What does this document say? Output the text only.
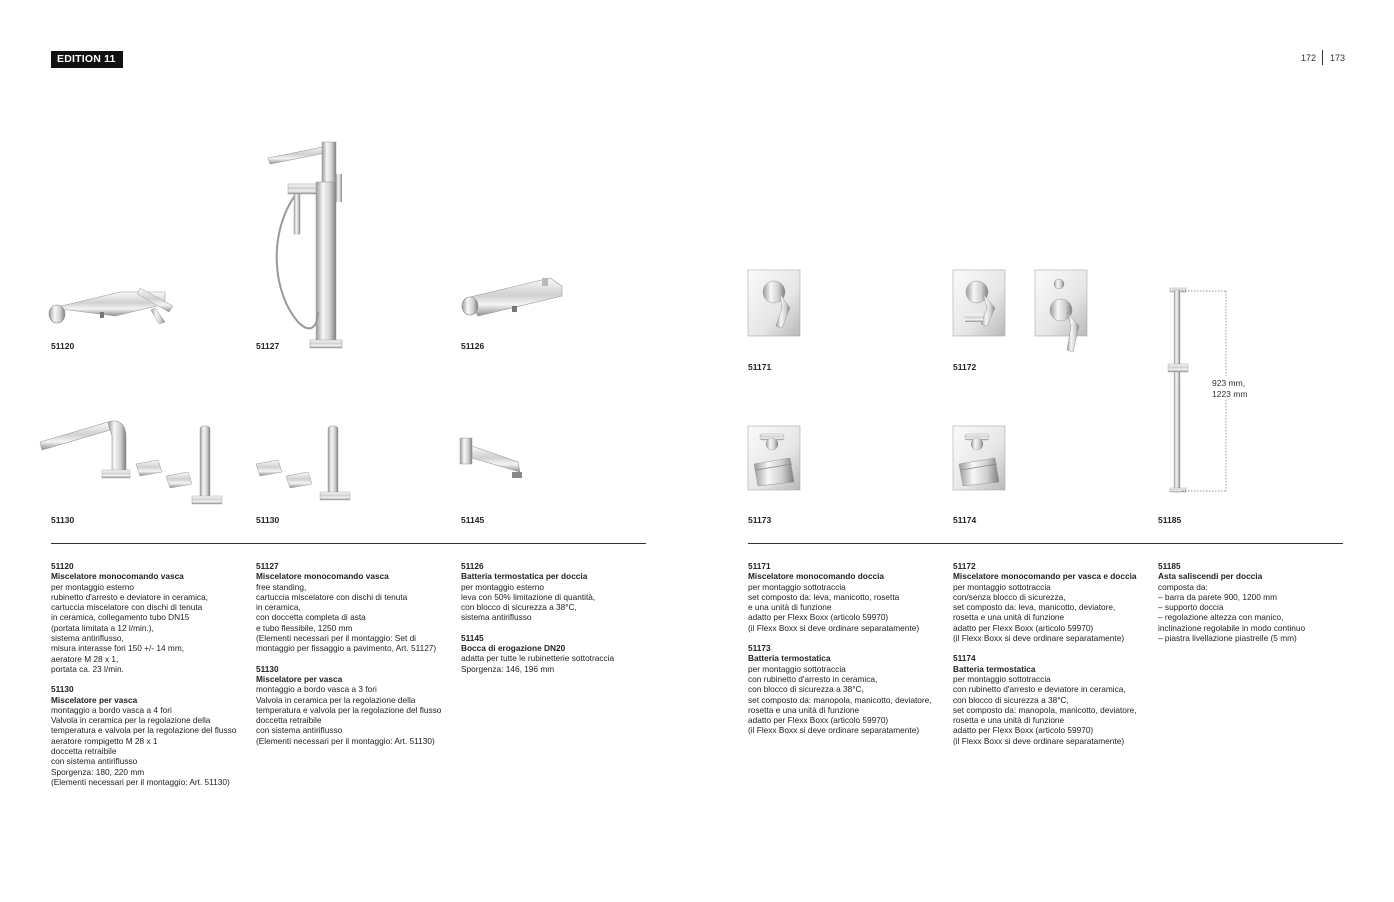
EDITION 11	172 173
51120	51127	51126
51130	51130	51145
51171	51172
51173	51174
923 mm,
1223 mm
51185
51120
Miscelatore monocomando vasca
per montaggio esterno
rubinetto d'arresto e deviatore in ceramica,
cartuccia miscelatore con dischi di tenuta
in ceramica, collegamento tubo DN15
(portata limitata a 12 l/min.),
sistema antiriflusso,
misura interasse fori 150 +/- 14 mm,
aeratore M 28 x 1,
portata ca. 23 l/min.
51130
Miscelatore per vasca
montaggio a bordo vasca a 4 fori
Valvola in ceramica per la regolazione della
temperatura e valvola per la regolazione del flusso
aeratore rompigetto M 28 x 1
doccetta retraibile
con sistema antiriflusso
Sporgenza: 180, 220 mm
(Elementi necessari per il montaggio: Art. 51130)
51127
Miscelatore monocomando vasca
free standing,
cartuccia miscelatore con dischi di tenuta
in ceramica,
con doccetta completa di asta
e tubo flessibile, 1250 mm
(Elementi necessari per il montaggio: Set di
montaggio per fissaggio a pavimento, Art. 51127)
51130
Miscelatore per vasca
montaggio a bordo vasca a 3 fori
Valvola in ceramica per la regolazione della
temperatura e valvola per la regolazione del flusso
doccetta retraibile
con sistema antiriflusso
(Elementi necessari per il montaggio: Art. 51130)
51126
Batteria termostatica per doccia
per montaggio esterno
leva con 50% limitazione di quantità,
con blocco di sicurezza a 38°C,
sistema antiriflusso
51145
Bocca di erogazione DN20
adatta per tutte le rubinetterie sottotraccia
Sporgenza: 146, 196 mm
51171
Miscelatore monocomando doccia
per montaggio sottotraccia
set composto da: leva, manicotto, rosetta
e una unità di funzione
adatto per Flexx Boxx (articolo 59970)
(il Flexx Boxx si deve ordinare separatamente)
51173
Batteria termostatica
per montaggio sottotraccia
con rubinetto d'arresto in ceramica,
con blocco di sicurezza a 38°C,
set composto da: manopola, manicotto, deviatore,
rosetta e una unità di funzione
adatto per Flexx Boxx (articolo 59970)
(il Flexx Boxx si deve ordinare separatamente)
51172
Miscelatore monocomando per vasca e doccia
per montaggio sottotraccia
con/senza blocco di sicurezza,
set composto da: leva, manicotto, deviatore,
rosetta e una unità di funzione
adatto per Flexx Boxx (articolo 59970)
(il Flexx Boxx si deve ordinare separatamente)
51174
Batteria termostatica
per montaggio sottotraccia
con rubinetto d'arresto e deviatore in ceramica,
con blocco di sicurezza a 38°C,
set composto da: manopola, manicotto, deviatore,
rosetta e una unità di funzione
adatto per Flexx Boxx (articolo 59970)
(il Flexx Boxx si deve ordinare separatamente)
51185
Asta saliscendi per doccia
composta da:
– barra da parete 900, 1200 mm
– supporto doccia
– regolazione altezza con manico,
inclinazione regolabile in modo continuo
– piastra livellazione piastrelle (5 mm)
